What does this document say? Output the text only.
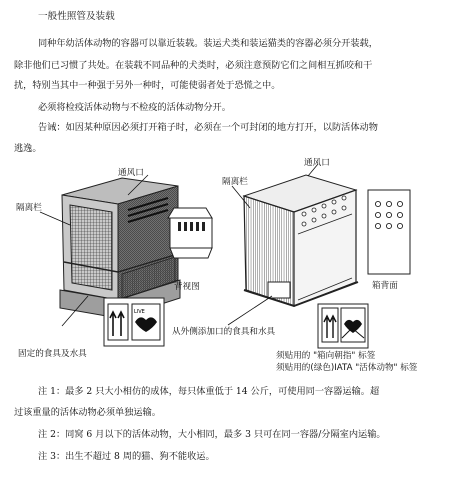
一般性照管及装载
同种年幼活体动物的容器可以靠近装载。装运犬类和装运猫类的容器必须分开装载，
除非他们已习惯了共处。在装载不同品种的犬类时，必须注意预防它们之间相互抓咬和干
扰，特别当其中一种强于另外一种时，可能使弱者处于恐慌之中。
必须将检疫活体动物与不检疫的活体动物分开。
告诫：如因某种原因必须打开箱子时，必须在一个可封闭的地方打开，以防活体动物
逃逸。
LIVE
通风口
隔离栏
背视图
固定的食具及水具
隔离栏
通风口
箱背面
从外侧添加口的食具和水具
须贴用的 "箱向朝指" 标签
须贴用的(绿色)IATA "活体动物" 标签
注 1：最多 2 只大小相仿的成体，每只体重低于 14 公斤，可使用同一容器运输。超
过该重量的活体动物必须单独运输。
注 2：同窝 6 月以下的活体动物，大小相同，最多 3 只可在同一容器/分隔室内运输。
注 3：出生不超过 8 周的猫、狗不能收运。
